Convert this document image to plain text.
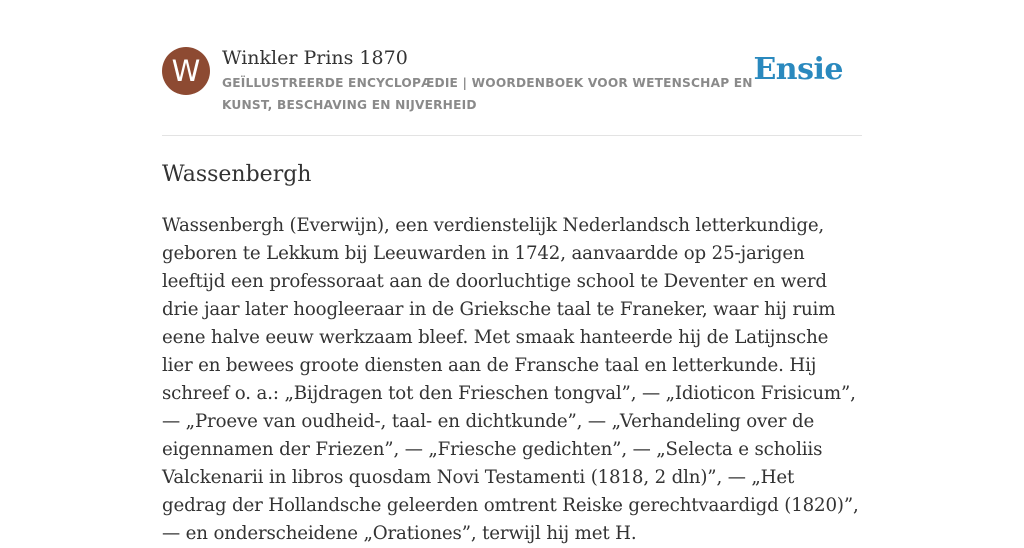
W	Winkler Prins 1870
GEÏLLUSTREERDE ENCYCLOPÆDIE | WOORDENBOEK VOOR WETENSCHAP EN KUNST, BESCHAVING EN NIJVERHEID
Ensie
Wassenbergh

Wassenbergh (Everwijn), een verdienstelijk Nederlandsch letterkundige, geboren te Lekkum bij Leeuwarden in 1742, aanvaardde op 25-jarigen leeftijd een professoraat aan de doorluchtige school te Deventer en werd drie jaar later hoogleeraar in de Grieksche taal te Franeker, waar hij ruim eene halve eeuw werkzaam bleef. Met smaak hanteerde hij de Latijnsche lier en bewees groote diensten aan de Fransche taal en letterkunde. Hij schreef o. a.: „Bijdragen tot den Frieschen tongval”, — „Idioticon Frisicum”, — „Proeve van oudheid-, taal- en dichtkunde”, — „Verhandeling over de eigennamen der Friezen”, — „Friesche gedichten”, — „Selecta e scholiis Valckenarii in libros quosdam Novi Testamenti (1818, 2 dln)”, — „Het gedrag der Hollandsche geleerden omtrent Reiske gerechtvaardigd (1820)”, — en onderscheidene „Orationes”, terwijl hij met H.
